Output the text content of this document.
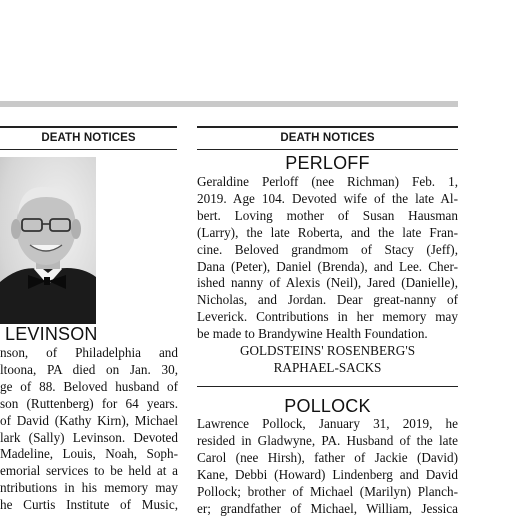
DEATH NOTICES	DEATH NOTICES
LEVINSON
nson, of Philadelphia and
ltoona, PA died on Jan. 30,
ge of 88. Beloved husband of
son (Ruttenberg) for 64 years.
of David (Kathy Kirn), Michael
lark (Sally) Levinson. Devoted
Madeline, Louis, Noah, Soph-
emorial services to be held at a
ntributions in his memory may
he Curtis Institute of Music,
PERLOFF
Geraldine Perloff (nee Richman) Feb. 1,
2019. Age 104. Devoted wife of the late Al-
bert. Loving mother of Susan Hausman
(Larry), the late Roberta, and the late Fran-
cine. Beloved grandmom of Stacy (Jeff),
Dana (Peter), Daniel (Brenda), and Lee. Cher-
ished nanny of Alexis (Neil), Jared (Danielle),
Nicholas, and Jordan. Dear great-nanny of
Leverick. Contributions in her memory may
be made to Brandywine Health Foundation.
GOLDSTEINS' ROSENBERG'S
RAPHAEL-SACKS
POLLOCK
Lawrence Pollock, January 31, 2019, he
resided in Gladwyne, PA. Husband of the late
Carol (nee Hirsh), father of Jackie (David)
Kane, Debbi (Howard) Lindenberg and David
Pollock; brother of Michael (Marilyn) Planch-
er; grandfather of Michael, William, Jessica
